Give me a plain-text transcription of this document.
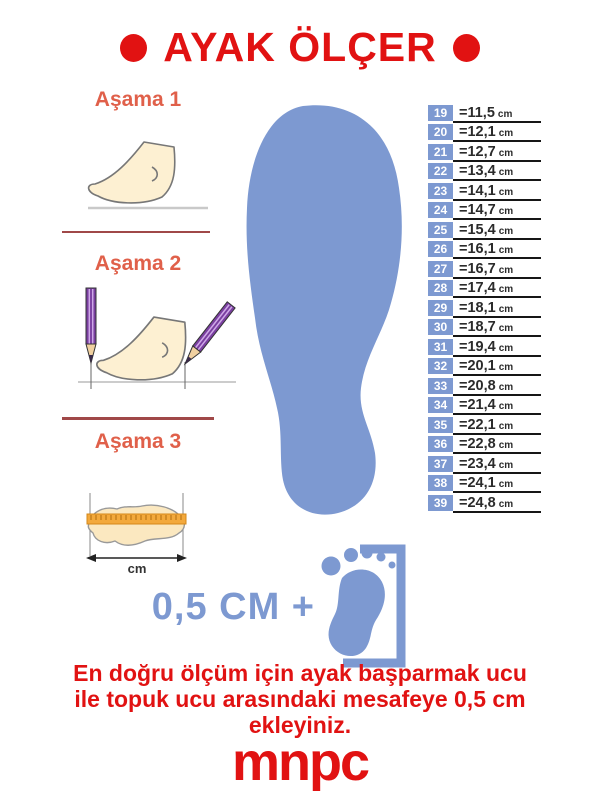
AYAK ÖLÇER
Aşama 1
Aşama 2
Aşama 3
cm
19 = 11,5 cm
20 = 12,1 cm
21 = 12,7 cm
22 = 13,4 cm
23 = 14,1 cm
24 = 14,7 cm
25 = 15,4 cm
26 = 16,1 cm
27 = 16,7 cm
28 = 17,4 cm
29 = 18,1 cm
30 = 18,7 cm
31 = 19,4 cm
32 = 20,1 cm
33 = 20,8 cm
34 = 21,4 cm
35 = 22,1 cm
36 = 22,8 cm
37 = 23,4 cm
38 = 24,1 cm
39 = 24,8 cm
0,5 CM +
En doğru ölçüm için ayak başparmak ucu
ile topuk ucu arasındaki mesafeye 0,5 cm
ekleyiniz.
mnpc
